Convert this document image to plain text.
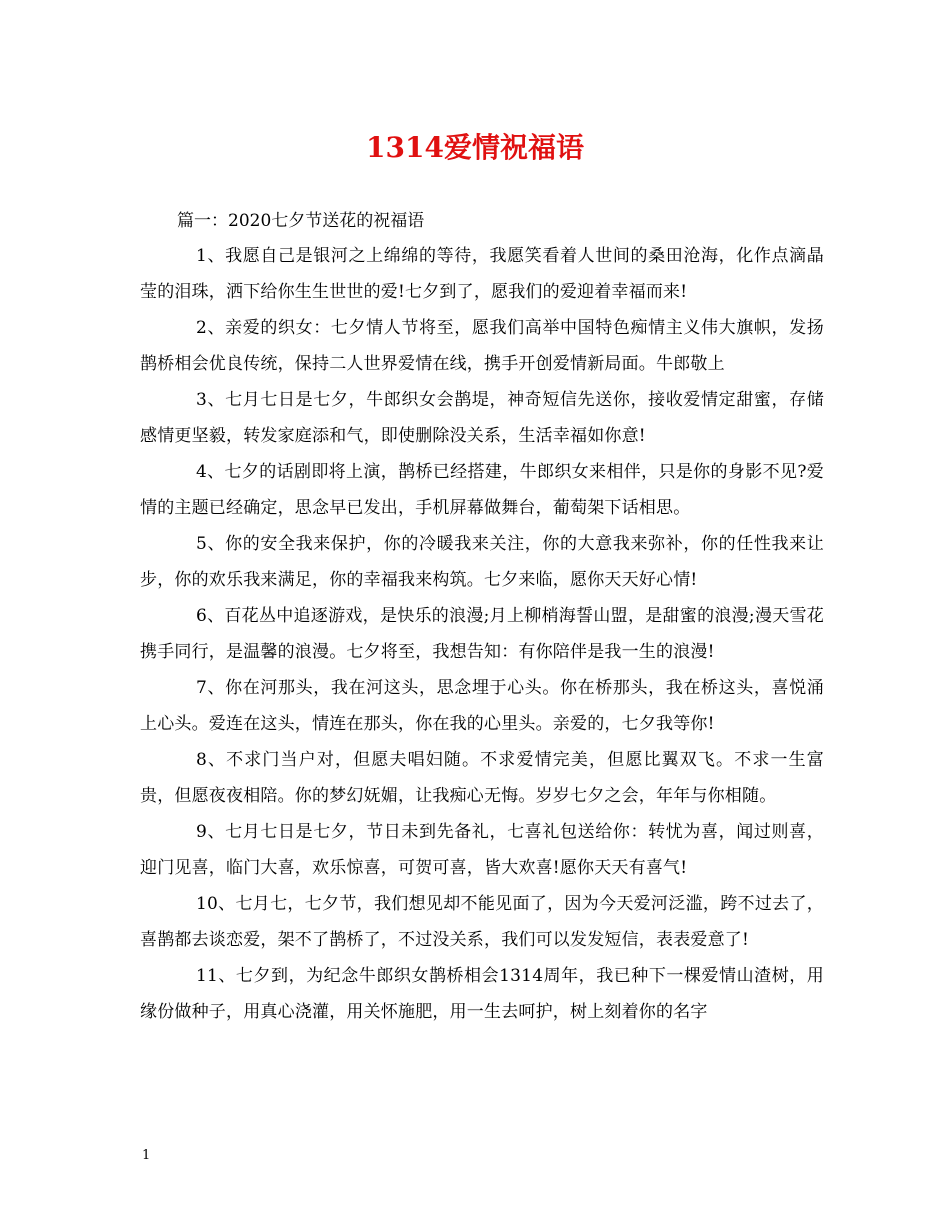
1314爱情祝福语
篇一：2020七夕节送花的祝福语

1、我愿自己是银河之上绵绵的等待，我愿笑看着人世间的桑田沧海，化作点滴晶莹的泪珠，洒下给你生生世世的爱!七夕到了，愿我们的爱迎着幸福而来!

2、亲爱的织女：七夕情人节将至，愿我们高举中国特色痴情主义伟大旗帜，发扬鹊桥相会优良传统，保持二人世界爱情在线，携手开创爱情新局面。牛郎敬上

3、七月七日是七夕，牛郎织女会鹊堤，神奇短信先送你，接收爱情定甜蜜，存储感情更坚毅，转发家庭添和气，即使删除没关系，生活幸福如你意!

4、七夕的话剧即将上演，鹊桥已经搭建，牛郎织女来相伴，只是你的身影不见?爱情的主题已经确定，思念早已发出，手机屏幕做舞台，葡萄架下话相思。

5、你的安全我来保护，你的冷暖我来关注，你的大意我来弥补，你的任性我来让步，你的欢乐我来满足，你的幸福我来构筑。七夕来临，愿你天天好心情!

6、百花丛中追逐游戏，是快乐的浪漫;月上柳梢海誓山盟，是甜蜜的浪漫;漫天雪花携手同行，是温馨的浪漫。七夕将至，我想告知：有你陪伴是我一生的浪漫!

7、你在河那头，我在河这头，思念埋于心头。你在桥那头，我在桥这头，喜悦涌上心头。爱连在这头，情连在那头，你在我的心里头。亲爱的，七夕我等你!

8、不求门当户对，但愿夫唱妇随。不求爱情完美，但愿比翼双飞。不求一生富贵，但愿夜夜相陪。你的梦幻妩媚，让我痴心无悔。岁岁七夕之会，年年与你相随。

9、七月七日是七夕，节日未到先备礼，七喜礼包送给你：转忧为喜，闻过则喜，迎门见喜，临门大喜，欢乐惊喜，可贺可喜，皆大欢喜!愿你天天有喜气!

10、七月七，七夕节，我们想见却不能见面了，因为今天爱河泛滥，跨不过去了，喜鹊都去谈恋爱，架不了鹊桥了，不过没关系，我们可以发发短信，表表爱意了!

11、七夕到，为纪念牛郎织女鹊桥相会1314周年，我已种下一棵爱情山渣树，用缘份做种子，用真心浇灌，用关怀施肥，用一生去呵护，树上刻着你的名字

1
